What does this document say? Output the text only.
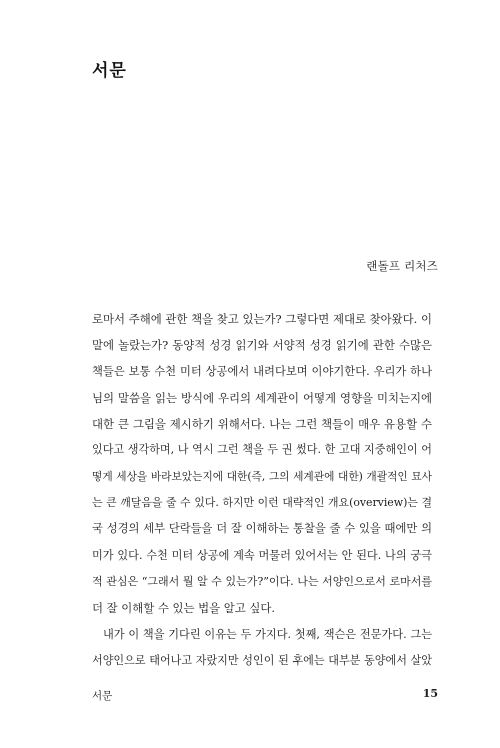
서문
랜돌프 리처즈
로마서 주해에 관한 책을 찾고 있는가? 그렇다면 제대로 찾아왔다. 이
말에 놀랐는가? 동양적 성경 읽기와 서양적 성경 읽기에 관한 수많은
책들은 보통 수천 미터 상공에서 내려다보며 이야기한다. 우리가 하나
님의 말씀을 읽는 방식에 우리의 세계관이 어떻게 영향을 미치는지에
대한 큰 그림을 제시하기 위해서다. 나는 그런 책들이 매우 유용할 수
있다고 생각하며, 나 역시 그런 책을 두 권 썼다. 한 고대 지중해인이 어
떻게 세상을 바라보았는지에 대한(즉, 그의 세계관에 대한) 개괄적인 묘사
는 큰 깨달음을 줄 수 있다. 하지만 이런 대략적인 개요(overview)는 결
국 성경의 세부 단락들을 더 잘 이해하는 통찰을 줄 수 있을 때에만 의
미가 있다. 수천 미터 상공에 계속 머물러 있어서는 안 된다. 나의 궁극
적 관심은 “그래서 뭘 알 수 있는가?”이다. 나는 서양인으로서 로마서를
더 잘 이해할 수 있는 법을 알고 싶다.
내가 이 책을 기다린 이유는 두 가지다. 첫째, 잭슨은 전문가다. 그는
서양인으로 태어나고 자랐지만 성인이 된 후에는 대부분 동양에서 살았
서문	15
